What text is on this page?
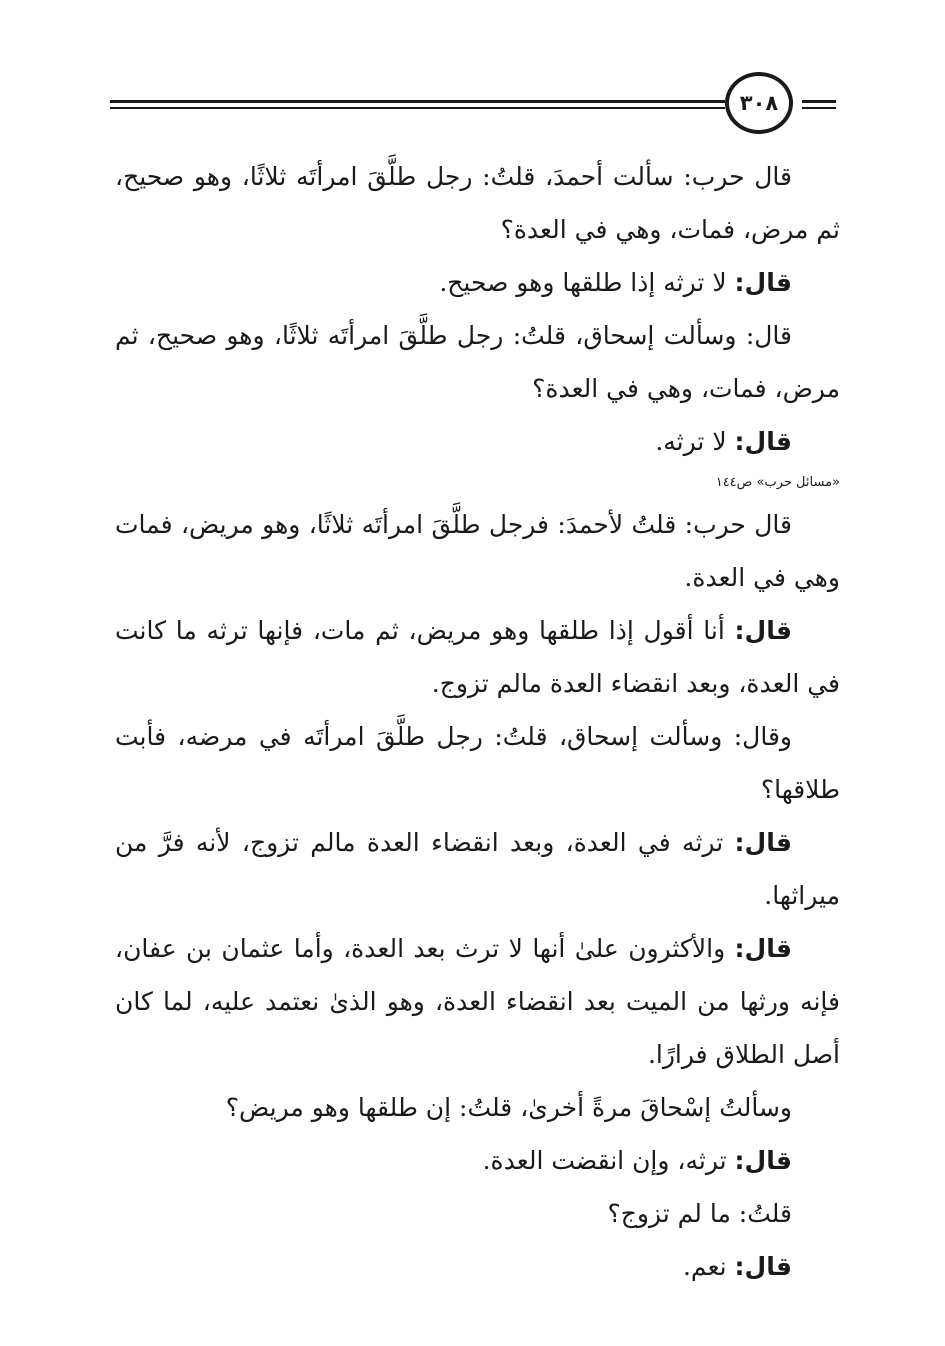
٣٠٨

قال حرب: سألت أحمدَ، قلتُ: رجل طلَّقَ امرأتَه ثلاثًا، وهو صحيح، ثم مرض، فمات، وهي في العدة؟

قال: لا ترثه إذا طلقها وهو صحيح.

قال: وسألت إسحاق، قلتُ: رجل طلَّقَ امرأتَه ثلاثًا، وهو صحيح، ثم مرض، فمات، وهي في العدة؟

قال: لا ترثه.

«مسائل حرب» ص١٤٤

قال حرب: قلتُ لأحمدَ: فرجل طلَّقَ امرأتَه ثلاثًا، وهو مريض، فمات وهي في العدة.

قال: أنا أقول إذا طلقها وهو مريض، ثم مات، فإنها ترثه ما كانت في العدة، وبعد انقضاء العدة مالم تزوج.

وقال: وسألت إسحاق، قلتُ: رجل طلَّقَ امرأتَه في مرضه، فأبت طلاقها؟

قال: ترثه في العدة، وبعد انقضاء العدة مالم تزوج، لأنه فرَّ من ميراثها.

قال: والأكثرون علىٰ أنها لا ترث بعد العدة، وأما عثمان بن عفان، فإنه ورثها من الميت بعد انقضاء العدة، وهو الذىٰ نعتمد عليه، لما كان أصل الطلاق فرارًا.

وسألتُ إسْحاقَ مرةً أخرىٰ، قلتُ: إن طلقها وهو مريض؟

قال: ترثه، وإن انقضت العدة.

قلتُ: ما لم تزوج؟

قال: نعم.
